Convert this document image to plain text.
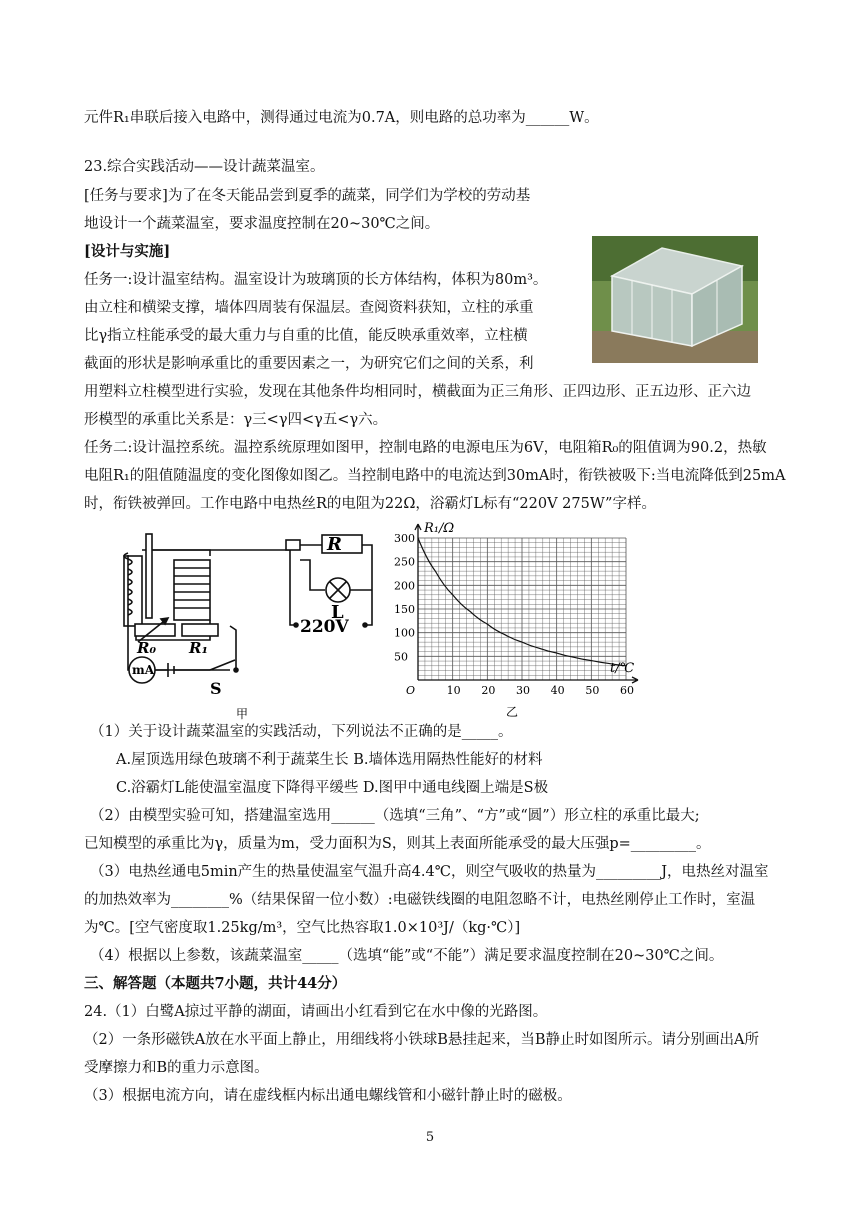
元件R₁串联后接入电路中，测得通过电流为0.7A，则电路的总功率为______W。
23.综合实践活动——设计蔬菜温室。
[任务与要求]为了在冬天能品尝到夏季的蔬菜，同学们为学校的劳动基
地设计一个蔬菜温室，要求温度控制在20~30℃之间。
[设计与实施]
任务一:设计温室结构。温室设计为玻璃顶的长方体结构，体积为80m³。
由立柱和横梁支撑，墙体四周装有保温层。查阅资料获知，立柱的承重
比γ指立柱能承受的最大重力与自重的比值，能反映承重效率，立柱横
截面的形状是影响承重比的重要因素之一，为研究它们之间的关系，利
用塑料立柱模型进行实验，发现在其他条件均相同时，横截面为正三角形、正四边形、正五边形、正六边
形模型的承重比关系是：γ三<γ四<γ五<γ六。
任务二:设计温控系统。温控系统原理如图甲，控制电路的电源电压为6V，电阻箱R₀的阻值调为90.2，热敏
电阻R₁的阻值随温度的变化图像如图乙。当控制电路中的电流达到30mA时，衔铁被吸下:当电流降低到25mA
时，衔铁被弹回。工作电路中电热丝R的电阻为22Ω，浴霸灯L标有“220V 275W”字样。
R
L
220V
R₀ R₁
mA
S
甲
O	10 20 30 40 50 60
50
100
150
200
250
300
R₁/Ω
t/℃
乙
（1）关于设计蔬菜温室的实践活动，下列说法不正确的是_____。
A.屋顶选用绿色玻璃不利于蔬菜生长 B.墙体选用隔热性能好的材料
C.浴霸灯L能使温室温度下降得平缓些 D.图甲中通电线圈上端是S极
（2）由模型实验可知，搭建温室选用______（选填“三角”、“方”或“圆”）形立柱的承重比最大;
已知模型的承重比为γ，质量为m，受力面积为S，则其上表面所能承受的最大压强p=_________。
（3）电热丝通电5min产生的热量使温室气温升高4.4℃，则空气吸收的热量为_________J，电热丝对温室
的加热效率为________%（结果保留一位小数）:电磁铁线圈的电阻忽略不计，电热丝刚停止工作时，室温
为℃。[空气密度取1.25kg/m³，空气比热容取1.0×10³J/（kg·℃）]
（4）根据以上参数，该蔬菜温室_____（选填“能”或“不能”）满足要求温度控制在20~30℃之间。
三、解答题（本题共7小题，共计44分）
24.（1）白鹭A掠过平静的湖面，请画出小红看到它在水中像的光路图。
（2）一条形磁铁A放在水平面上静止，用细线将小铁球B悬挂起来，当B静止时如图所示。请分别画出A所
受摩擦力和B的重力示意图。
（3）根据电流方向，请在虚线框内标出通电螺线管和小磁针静止时的磁极。
5
